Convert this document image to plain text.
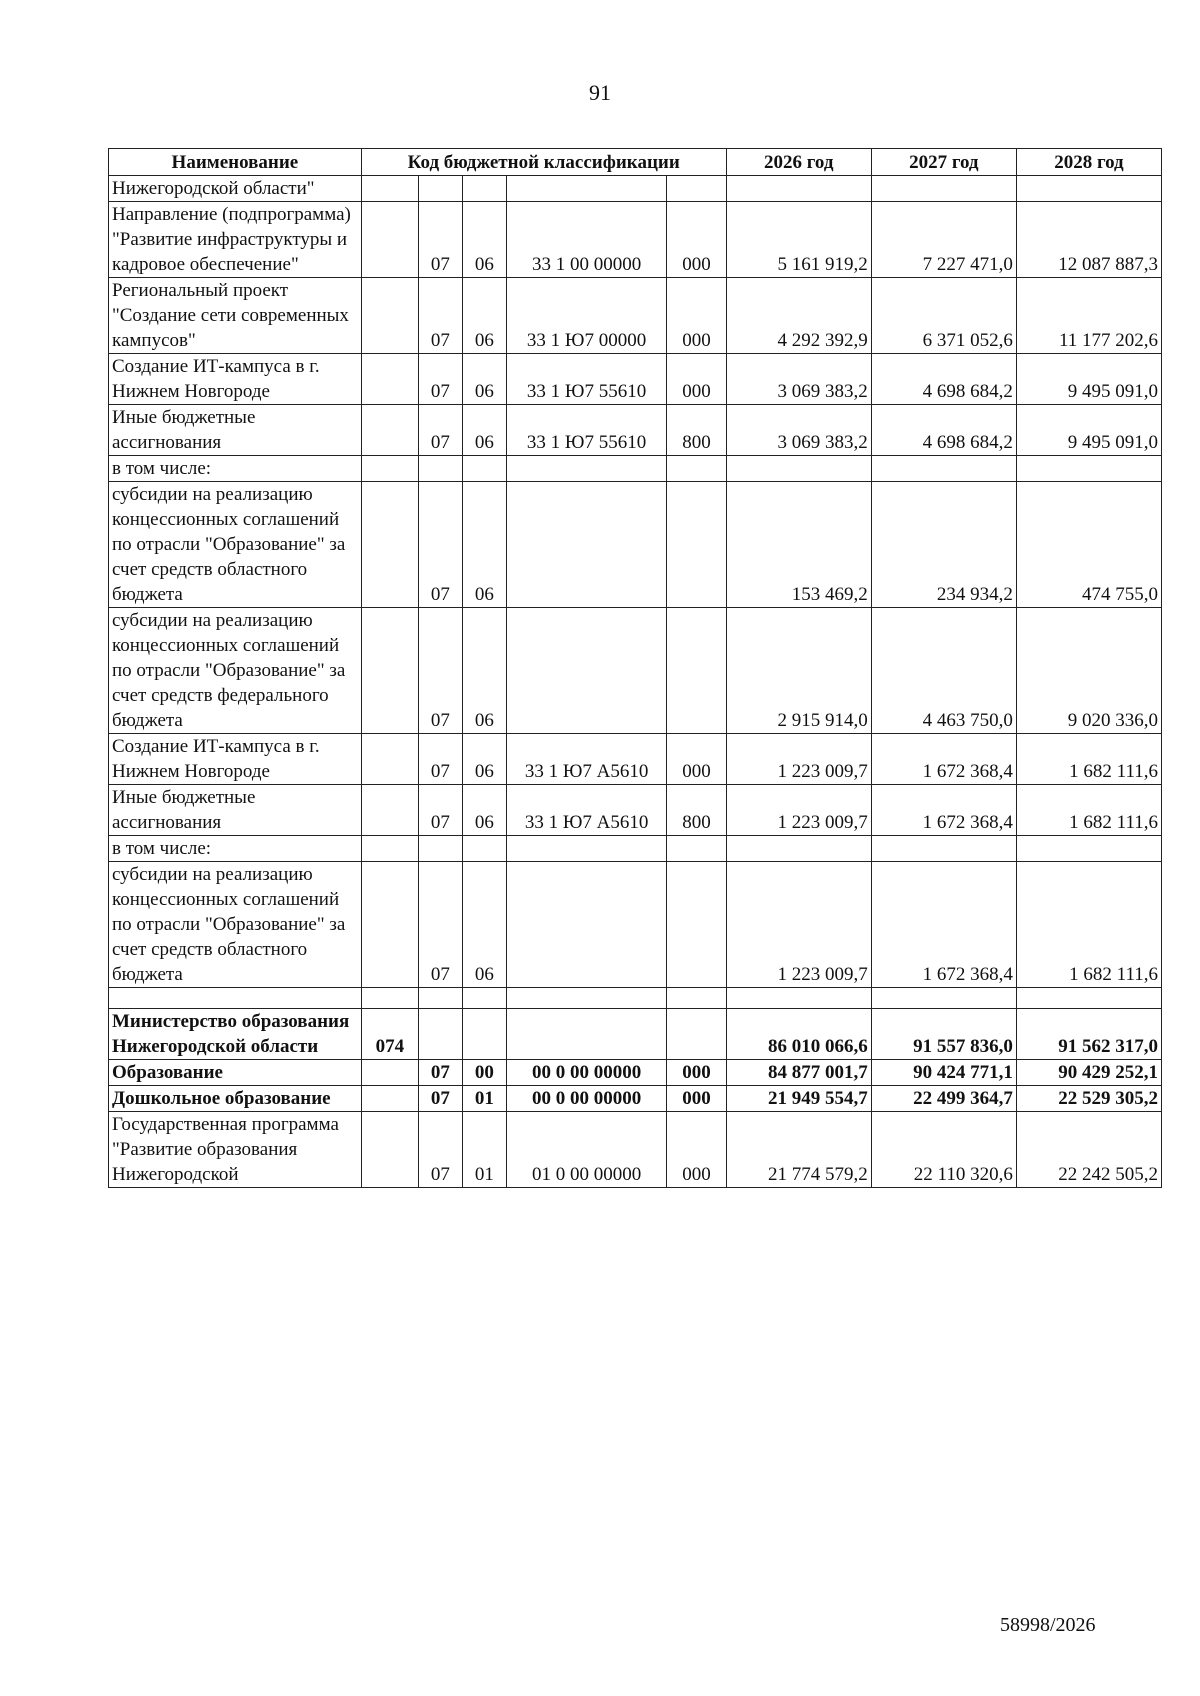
91
Наименование	Код бюджетной классификации					2026 год	2027 год	2028 год
Нижегородской области"								
Направление (подпрограмма) "Развитие инфраструктуры и кадровое обеспечение"		07	06	33 1 00 00000	000	5 161 919,2	7 227 471,0	12 087 887,3
Региональный проект "Создание сети современных кампусов"		07	06	33 1 Ю7 00000	000	4 292 392,9	6 371 052,6	11 177 202,6
Создание ИТ-кампуса в г. Нижнем Новгороде		07	06	33 1 Ю7 55610	000	3 069 383,2	4 698 684,2	9 495 091,0
Иные бюджетные ассигнования		07	06	33 1 Ю7 55610	800	3 069 383,2	4 698 684,2	9 495 091,0
в том числе:								
субсидии на реализацию концессионных соглашений по отрасли "Образование" за счет средств областного бюджета		07	06			153 469,2	234 934,2	474 755,0
субсидии на реализацию концессионных соглашений по отрасли "Образование" за счет средств федерального бюджета		07	06			2 915 914,0	4 463 750,0	9 020 336,0
Создание ИТ-кампуса в г. Нижнем Новгороде		07	06	33 1 Ю7 А5610	000	1 223 009,7	1 672 368,4	1 682 111,6
Иные бюджетные ассигнования		07	06	33 1 Ю7 А5610	800	1 223 009,7	1 672 368,4	1 682 111,6
в том числе:								
субсидии на реализацию концессионных соглашений по отрасли "Образование" за счет средств областного бюджета		07	06			1 223 009,7	1 672 368,4	1 682 111,6

Министерство образования Нижегородской области	074					86 010 066,6	91 557 836,0	91 562 317,0
Образование		07	00	00 0 00 00000	000	84 877 001,7	90 424 771,1	90 429 252,1
Дошкольное образование		07	01	00 0 00 00000	000	21 949 554,7	22 499 364,7	22 529 305,2
Государственная программа "Развитие образования Нижегородской		07	01	01 0 00 00000	000	21 774 579,2	22 110 320,6	22 242 505,2
58998/2026
